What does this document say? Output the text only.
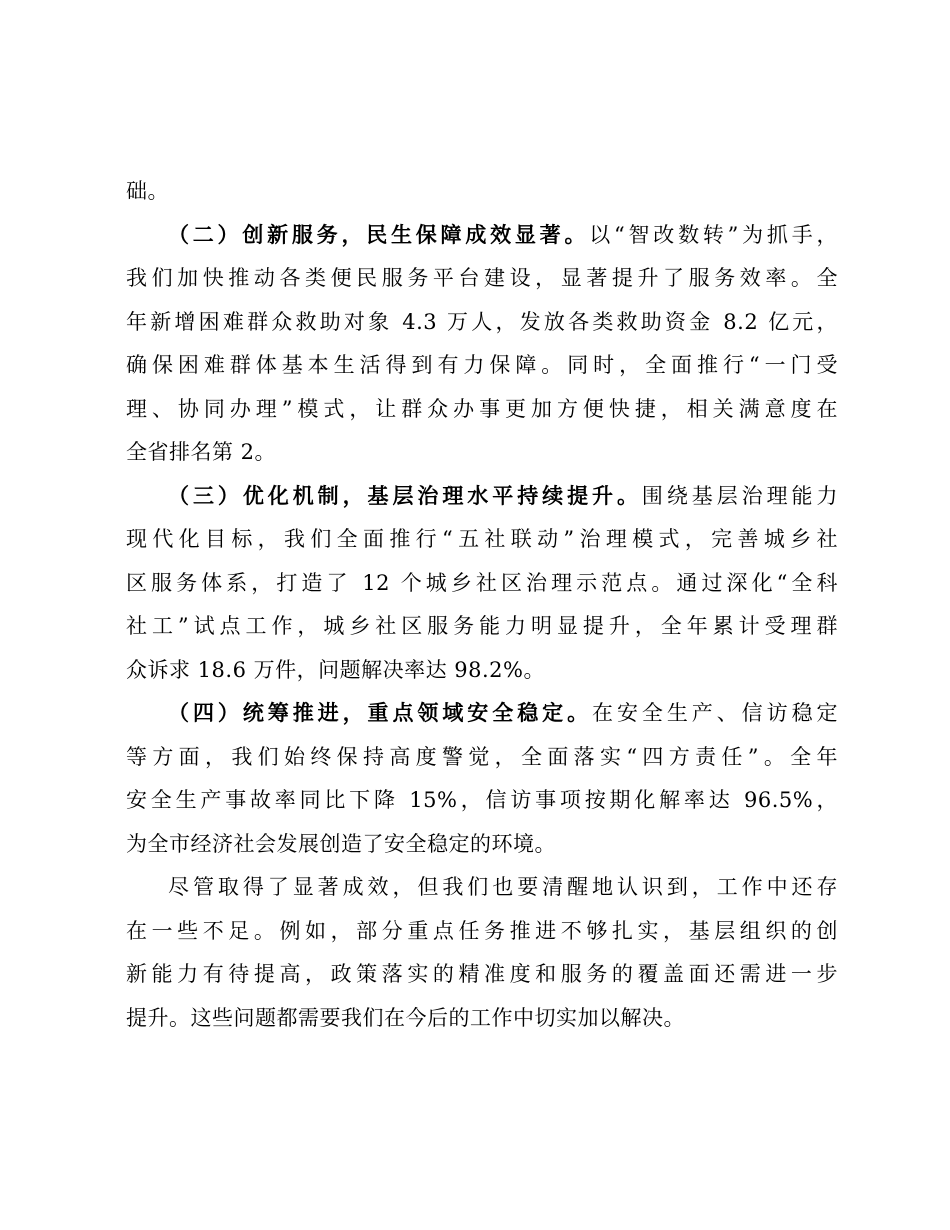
础。
（二）创新服务，民生保障成效显著。以“智改数转”为抓手，
我们加快推动各类便民服务平台建设，显著提升了服务效率。全
年新增困难群众救助对象 4.3 万人，发放各类救助资金 8.2 亿元，
确保困难群体基本生活得到有力保障。同时，全面推行“一门受
理、协同办理”模式，让群众办事更加方便快捷，相关满意度在
全省排名第 2。
（三）优化机制，基层治理水平持续提升。围绕基层治理能力
现代化目标，我们全面推行“五社联动”治理模式，完善城乡社
区服务体系，打造了 12 个城乡社区治理示范点。通过深化“全科
社工”试点工作，城乡社区服务能力明显提升，全年累计受理群
众诉求 18.6 万件，问题解决率达 98.2%。
（四）统筹推进，重点领域安全稳定。在安全生产、信访稳定
等方面，我们始终保持高度警觉，全面落实“四方责任”。全年
安全生产事故率同比下降 15%，信访事项按期化解率达 96.5%，
为全市经济社会发展创造了安全稳定的环境。
尽管取得了显著成效，但我们也要清醒地认识到，工作中还存
在一些不足。例如，部分重点任务推进不够扎实，基层组织的创
新能力有待提高，政策落实的精准度和服务的覆盖面还需进一步
提升。这些问题都需要我们在今后的工作中切实加以解决。
